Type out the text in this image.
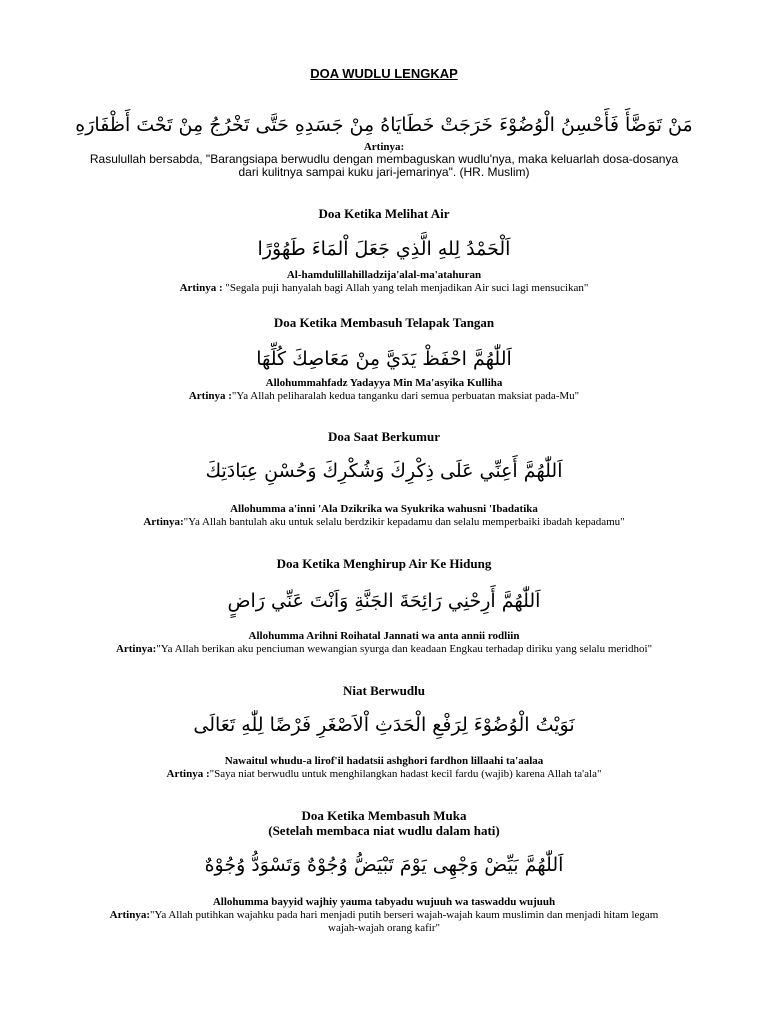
DOA WUDLU LENGKAP
مَنْ تَوَضَّأَ فَأَحْسِنُ الْوُضُوْءَ خَرَجَتْ خَطَايَاهُ مِنْ جَسَدِهِ حَتَّى تَخْرُجُ مِنْ تَحْتَ أَظْفَارَهِ
Artinya:
Rasulullah bersabda, "Barangsiapa berwudlu dengan membaguskan wudlu'nya, maka keluarlah dosa-dosanya
dari kulitnya sampai kuku jari-jemarinya". (HR. Muslim)
Doa Ketika Melihat Air
اَلْحَمْدُ لِلهِ الَّذِي جَعَلَ اْلمَاءَ طَهُوْرًا
Al-hamdulillahilladzija'alal-ma'atahuran
Artinya : "Segala puji hanyalah bagi Allah yang telah menjadikan Air suci lagi mensucikan"
Doa Ketika Membasuh Telapak Tangan
اَللّٰهُمَّ احْفَظْ يَدَيَّ مِنْ مَعَاصِكَ كُلِّهَا
Allohummahfadz Yadayya Min Ma'asyika Kulliha
Artinya :"Ya Allah peliharalah kedua tanganku dari semua perbuatan maksiat pada-Mu"
Doa Saat Berkumur
اَللّٰهُمَّ أَعِنِّي عَلَى ذِكْرِكَ وَشُكْرِكَ وَحُسْنِ عِبَادَتِكَ
Allohumma a'inni 'Ala Dzikrika wa Syukrika wahusni 'Ibadatika
Artinya:"Ya Allah bantulah aku untuk selalu berdzikir kepadamu dan selalu memperbaiki ibadah kepadamu"
Doa Ketika Menghirup Air Ke Hidung
اَللّٰهُمَّ أَرِحْنِي رَائِحَةَ الجَنَّةِ وَاَنْتَ عَنِّي رَاضٍ
Allohumma Arihni Roihatal Jannati wa anta annii rodliin
Artinya:"Ya Allah berikan aku penciuman wewangian syurga dan keadaan Engkau terhadap diriku yang selalu meridhoi"
Niat Berwudlu
نَوَيْتُ الْوُضُوْءَ لِرَفْعِ الْحَدَثِ اْلاَصْغَرِ فَرْضًا لِلّٰهِ تَعَالَى
Nawaitul whudu-a lirof'il hadatsii ashghori fardhon lillaahi ta'aalaa
Artinya :"Saya niat berwudlu untuk menghilangkan hadast kecil fardu (wajib) karena Allah ta'ala"
Doa Ketika Membasuh Muka
(Setelah membaca niat wudlu dalam hati)
اَللّٰهُمَّ بَيِّضْ وَجْهِى يَوْمَ تَبْيَضُّ وُجُوْهٌ وَتَسْوَدُّ وُجُوْهٌ
Allohumma bayyid wajhiy yauma tabyadu wujuuh wa taswaddu wujuuh
Artinya:"Ya Allah putihkan wajahku pada hari menjadi putih berseri wajah-wajah kaum muslimin dan menjadi hitam legam
wajah-wajah orang kafir"
